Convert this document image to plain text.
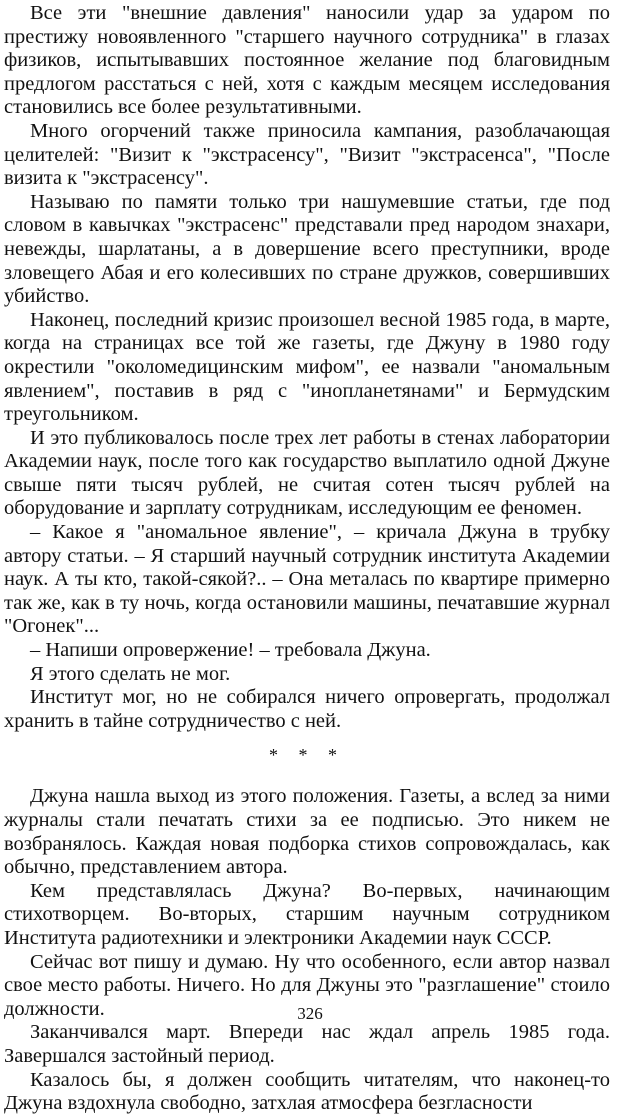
Все эти "внешние давления" наносили удар за ударом по престижу новоявленного "старшего научного сотрудника" в глазах физиков, испытывавших постоянное желание под благовидным предлогом расстаться с ней, хотя с каждым месяцем исследования становились все более результативными.

Много огорчений также приносила кампания, разоблачающая целителей: "Визит к "экстрасенсу", "Визит "экстрасенса", "После визита к "экстрасенсу".

Называю по памяти только три нашумевшие статьи, где под словом в кавычках "экстрасенс" представали пред народом знахари, невежды, шарлатаны, а в довершение всего преступники, вроде зловещего Абая и его колесивших по стране дружков, совершивших убийство.

Наконец, последний кризис произошел весной 1985 года, в марте, когда на страницах все той же газеты, где Джуну в 1980 году окрестили "околомедицинским мифом", ее назвали "аномальным явлением", поставив в ряд с "инопланетянами" и Бермудским треугольником.

И это публиковалось после трех лет работы в стенах лаборатории Академии наук, после того как государство выплатило одной Джуне свыше пяти тысяч рублей, не считая сотен тысяч рублей на оборудование и зарплату сотрудникам, исследующим ее феномен.

– Какое я "аномальное явление", – кричала Джуна в трубку автору статьи. – Я старший научный сотрудник института Академии наук. А ты кто, такой-сякой?.. – Она металась по квартире примерно так же, как в ту ночь, когда остановили машины, печатавшие журнал "Огонек"...

– Напиши опровержение! – требовала Джуна.

Я этого сделать не мог.

Институт мог, но не собирался ничего опровергать, продолжал хранить в тайне сотрудничество с ней.

* * *

Джуна нашла выход из этого положения. Газеты, а вслед за ними журналы стали печатать стихи за ее подписью. Это никем не возбранялось. Каждая новая подборка стихов сопровождалась, как обычно, представлением автора.

Кем представлялась Джуна? Во-первых, начинающим стихотворцем. Во-вторых, старшим научным сотрудником Института радиотехники и электроники Академии наук СССР.

Сейчас вот пишу и думаю. Ну что особенного, если автор назвал свое место работы. Ничего. Но для Джуны это "разглашение" стоило должности.

Заканчивался март. Впереди нас ждал апрель 1985 года. Завершался застойный период.

Казалось бы, я должен сообщить читателям, что наконец-то Джуна вздохнула свободно, затхлая атмосфера безгласности

326
